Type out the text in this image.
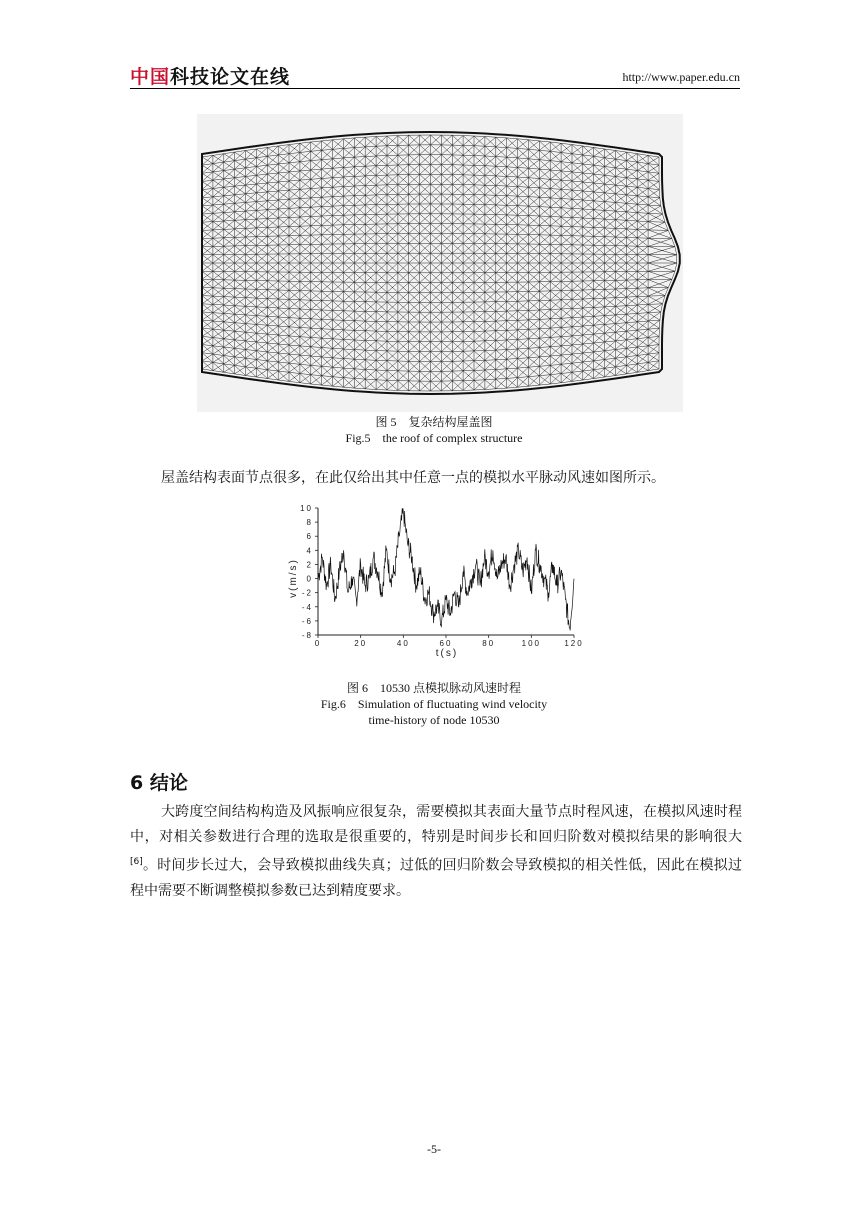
中国科技论文在线	http://www.paper.edu.cn
图 5　复杂结构屋盖图
Fig.5　the roof of complex structure
屋盖结构表面节点很多，在此仅给出其中任意一点的模拟水平脉动风速如图所示。
0	20	40	60	80	100	120
10
8
6
4
2
0
-2
-4
-6
-8
t(s)
v(m/s)
图 6　10530 点模拟脉动风速时程
Fig.6　Simulation of fluctuating wind velocity
time-history of node 10530
6 结论
大跨度空间结构构造及风振响应很复杂，需要模拟其表面大量节点时程风速，在模拟风速时程中，对相关参数进行合理的选取是很重要的，特别是时间步长和回归阶数对模拟结果的影响很大[6]。时间步长过大，会导致模拟曲线失真；过低的回归阶数会导致模拟的相关性低，因此在模拟过程中需要不断调整模拟参数已达到精度要求。
-5-
